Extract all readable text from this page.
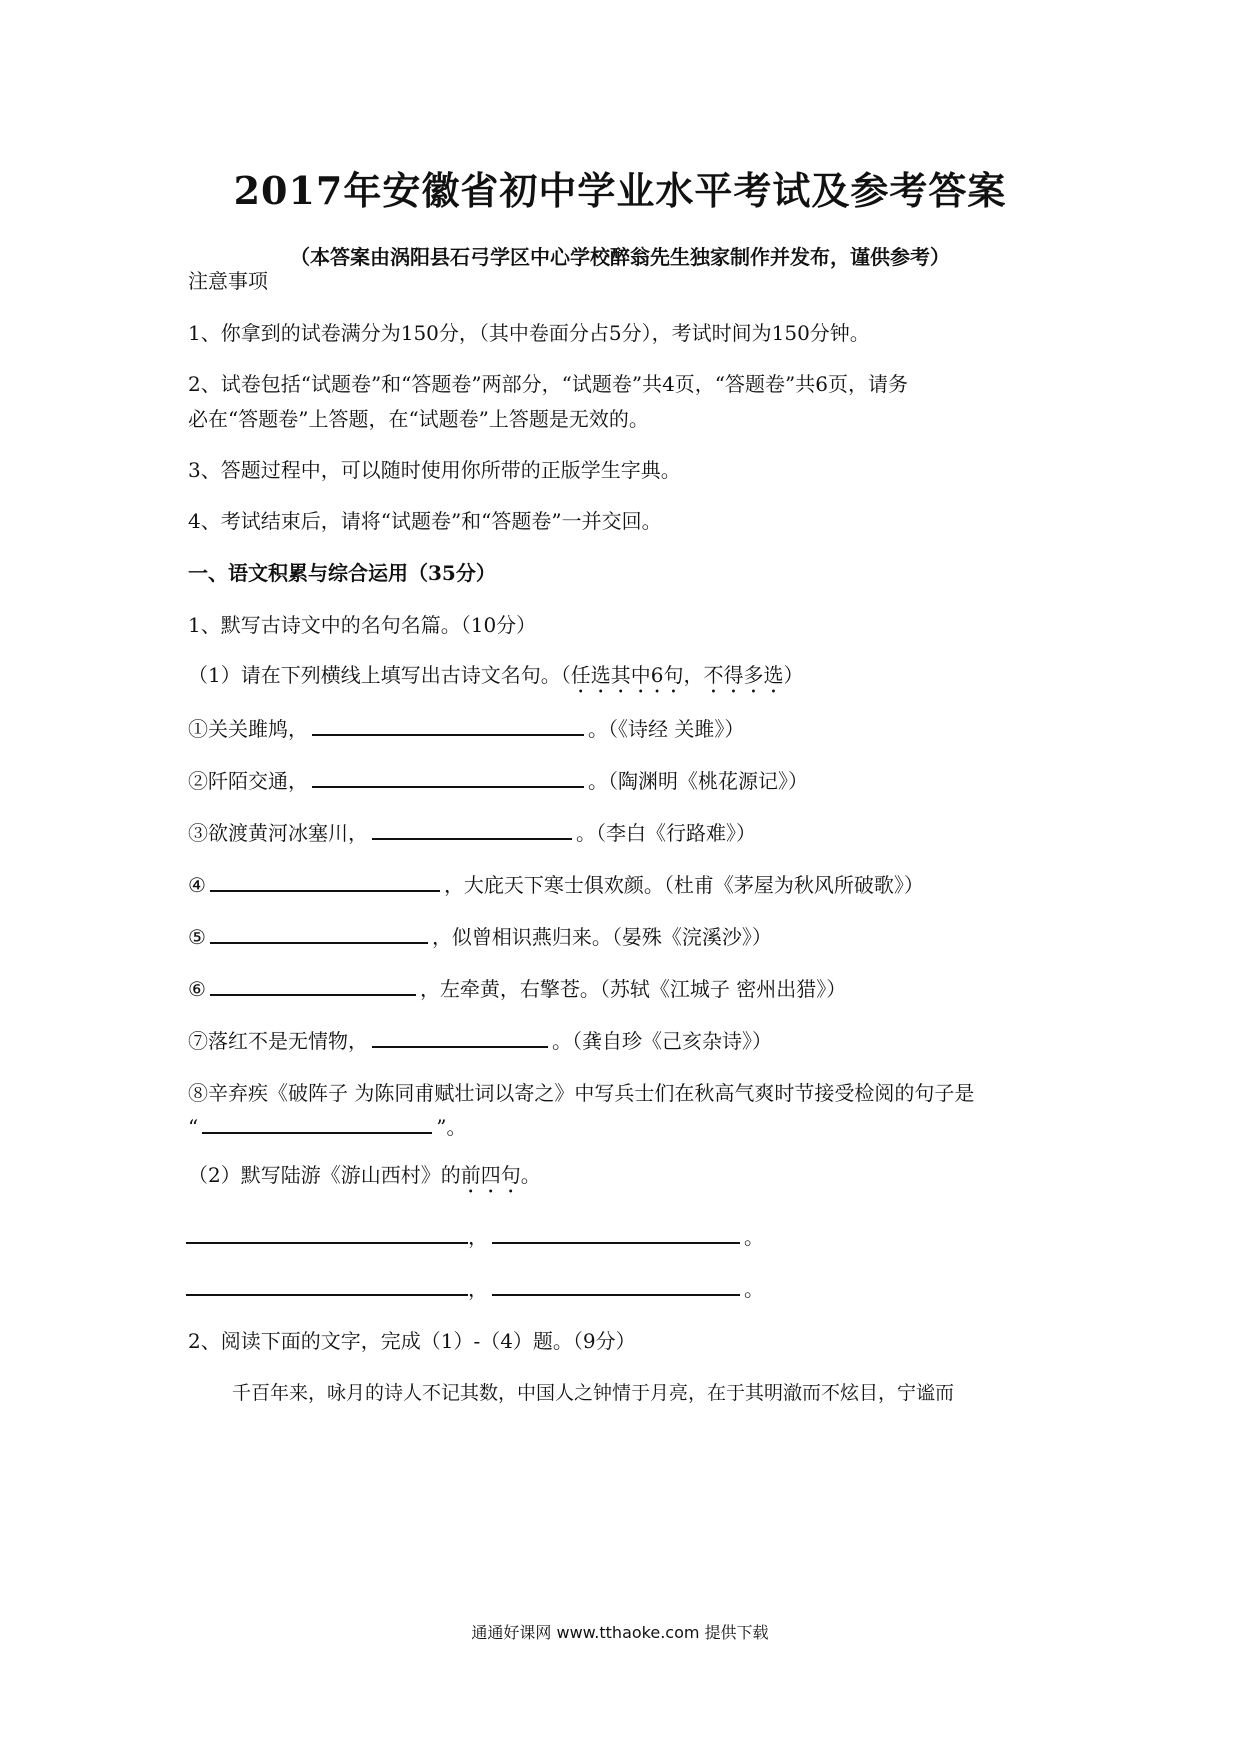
2017年安徽省初中学业水平考试及参考答案
（本答案由涡阳县石弓学区中心学校醉翁先生独家制作并发布，谨供参考）
注意事项
1、你拿到的试卷满分为150分，（其中卷面分占5分），考试时间为150分钟。
2、试卷包括“试题卷”和“答题卷”两部分，“试题卷”共4页，“答题卷”共6页，请务
必在“答题卷”上答题，在“试题卷”上答题是无效的。
3、答题过程中，可以随时使用你所带的正版学生字典。
4、考试结束后，请将“试题卷”和“答题卷”一并交回。
一、语文积累与综合运用（35分）
1、默写古诗文中的名句名篇。（10分）
（1）请在下列横线上填写出古诗文名句。（任选其中6句，不得多选）
①关关雎鸠，	。（《诗经 关雎》）
②阡陌交通，	。（陶渊明《桃花源记》）
③欲渡黄河冰塞川，	。（李白《行路难》）
④	，大庇天下寒士俱欢颜。（杜甫《茅屋为秋风所破歌》）
⑤	，似曾相识燕归来。（晏殊《浣溪沙》）
⑥	，左牵黄，右擎苍。（苏轼《江城子 密州出猎》）
⑦落红不是无情物，	。（龚自珍《己亥杂诗》）
⑧辛弃疾《破阵子 为陈同甫赋壮词以寄之》中写兵士们在秋高气爽时节接受检阅的句子是
“	”。
（2）默写陆游《游山西村》的前四句。
，	。
，	。
2、阅读下面的文字，完成（1）-（4）题。（9分）
千百年来，咏月的诗人不记其数，中国人之钟情于月亮，在于其明澈而不炫目，宁谧而
通通好课网 www.tthaoke.com 提供下载
